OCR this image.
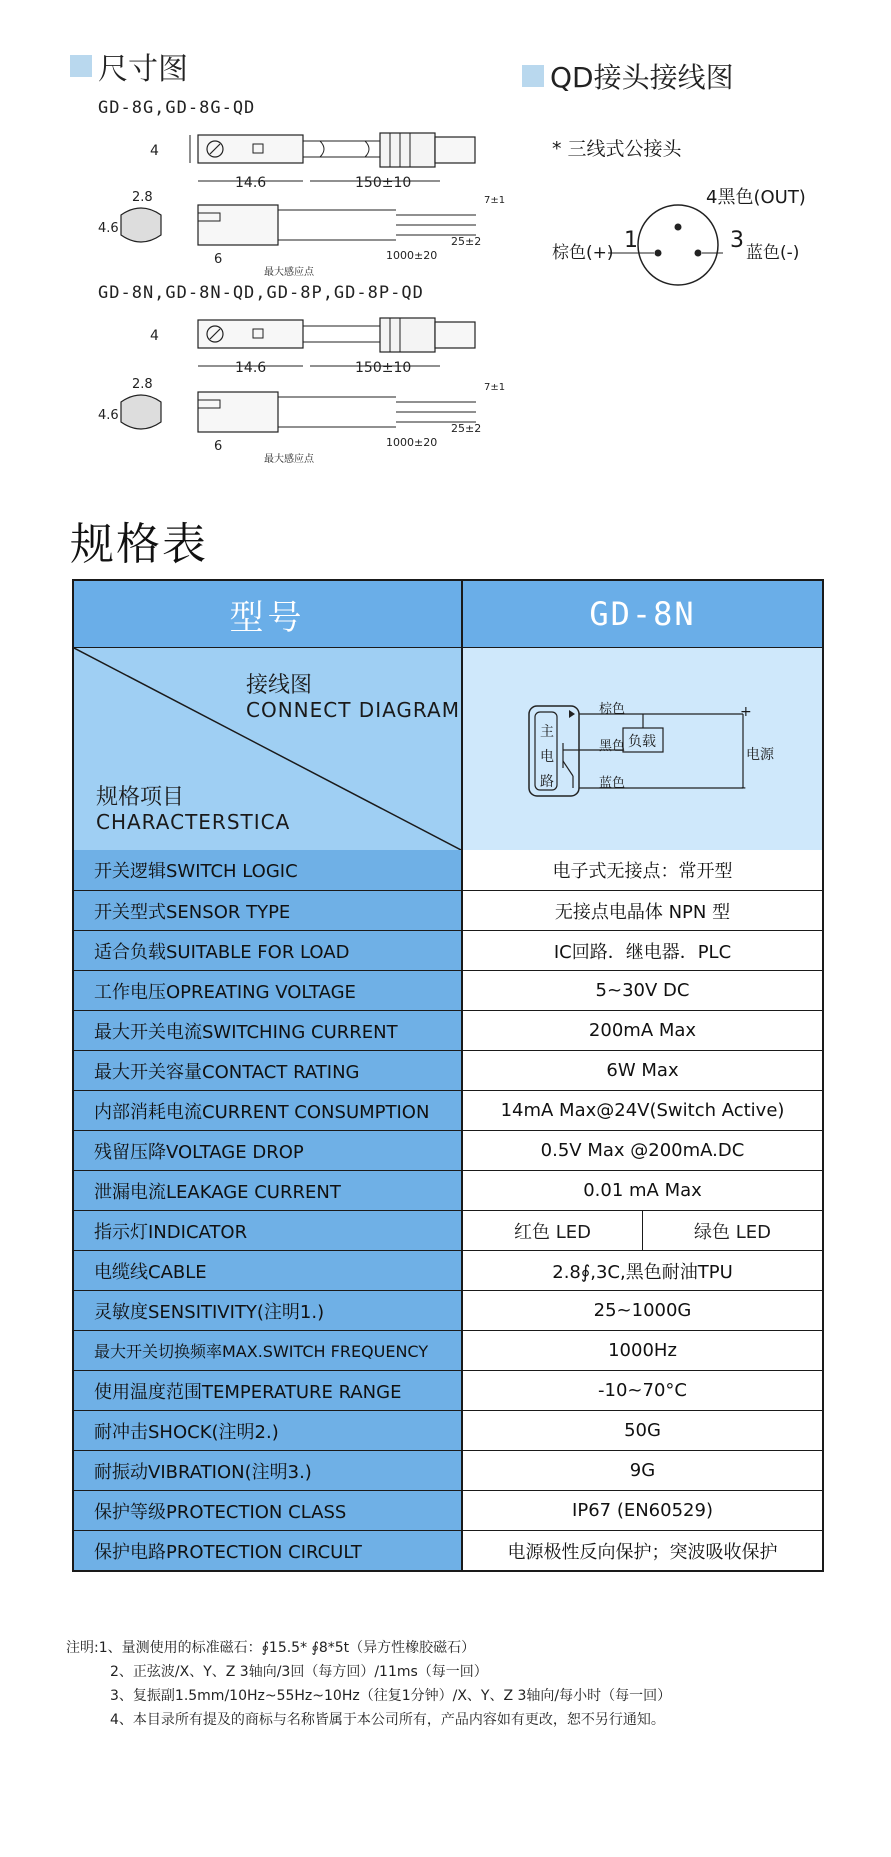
尺寸图
GD-8G,GD-8G-QD
4
14.6	150±10
2.8
4.6
6
最大感应点
1000±20
25±2
7±1
GD-8N,GD-8N-QD,GD-8P,GD-8P-QD
4
14.6	150±10
2.8
4.6
6
最大感应点
1000±20
25±2
7±1
QD接头接线图
* 三线式公接头
4黑色(OUT)
棕色(+) 1	3 蓝色(-)
规格表
型号	GD-8N
接线图
CONNECT DIAGRAM
规格项目
CHARACTERSTICA
主
电
路
棕色
黑色
蓝色
负载
电源
+
-
开关逻辑SWITCH LOGIC	电子式无接点：常开型
开关型式SENSOR TYPE	无接点电晶体 NPN 型
适合负载SUITABLE FOR LOAD	IC回路．继电器．PLC
工作电压OPREATING VOLTAGE	5~30V DC
最大开关电流SWITCHING CURRENT	200mA Max
最大开关容量CONTACT RATING	6W Max
内部消耗电流CURRENT CONSUMPTION	14mA Max@24V(Switch Active)
残留压降VOLTAGE DROP	0.5V Max @200mA.DC
泄漏电流LEAKAGE CURRENT	0.01 mA Max
指示灯INDICATOR	红色 LED	绿色 LED
电缆线CABLE	2.8∮,3C,黑色耐油TPU
灵敏度SENSITIVITY(注明1.)	25~1000G
最大开关切换频率MAX.SWITCH FREQUENCY	1000Hz
使用温度范围TEMPERATURE RANGE	-10~70°C
耐冲击SHOCK(注明2.)	50G
耐振动VIBRATION(注明3.)	9G
保护等级PROTECTION CLASS	IP67 (EN60529)
保护电路PROTECTION CIRCULT	电源极性反向保护；突波吸收保护
注明:1、量测使用的标准磁石：∮15.5* ∮8*5t（异方性橡胶磁石）
2、正弦波/X、Y、Z 3轴向/3回（每方回）/11ms（每一回）
3、复振副1.5mm/10Hz~55Hz~10Hz（往复1分钟）/X、Y、Z 3轴向/每小时（每一回）
4、本目录所有提及的商标与名称皆属于本公司所有，产品内容如有更改，恕不另行通知。
